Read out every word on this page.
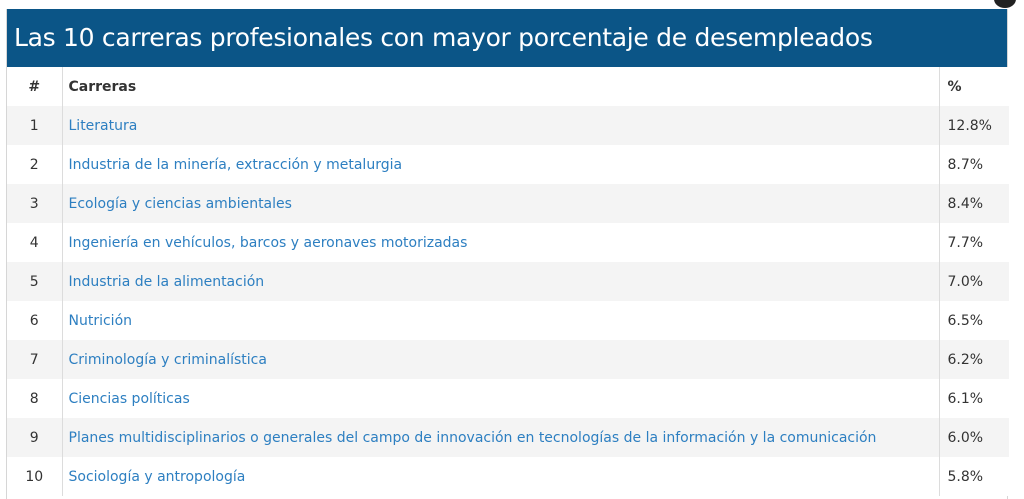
Las 10 carreras profesionales con mayor porcentaje de desempleados
#	Carreras	%
1	Literatura	12.8%
2	Industria de la minería, extracción y metalurgia	8.7%
3	Ecología y ciencias ambientales	8.4%
4	Ingeniería en vehículos, barcos y aeronaves motorizadas	7.7%
5	Industria de la alimentación	7.0%
6	Nutrición	6.5%
7	Criminología y criminalística	6.2%
8	Ciencias políticas	6.1%
9	Planes multidisciplinarios o generales del campo de innovación en tecnologías de la información y la comunicación	6.0%
10	Sociología y antropología	5.8%
